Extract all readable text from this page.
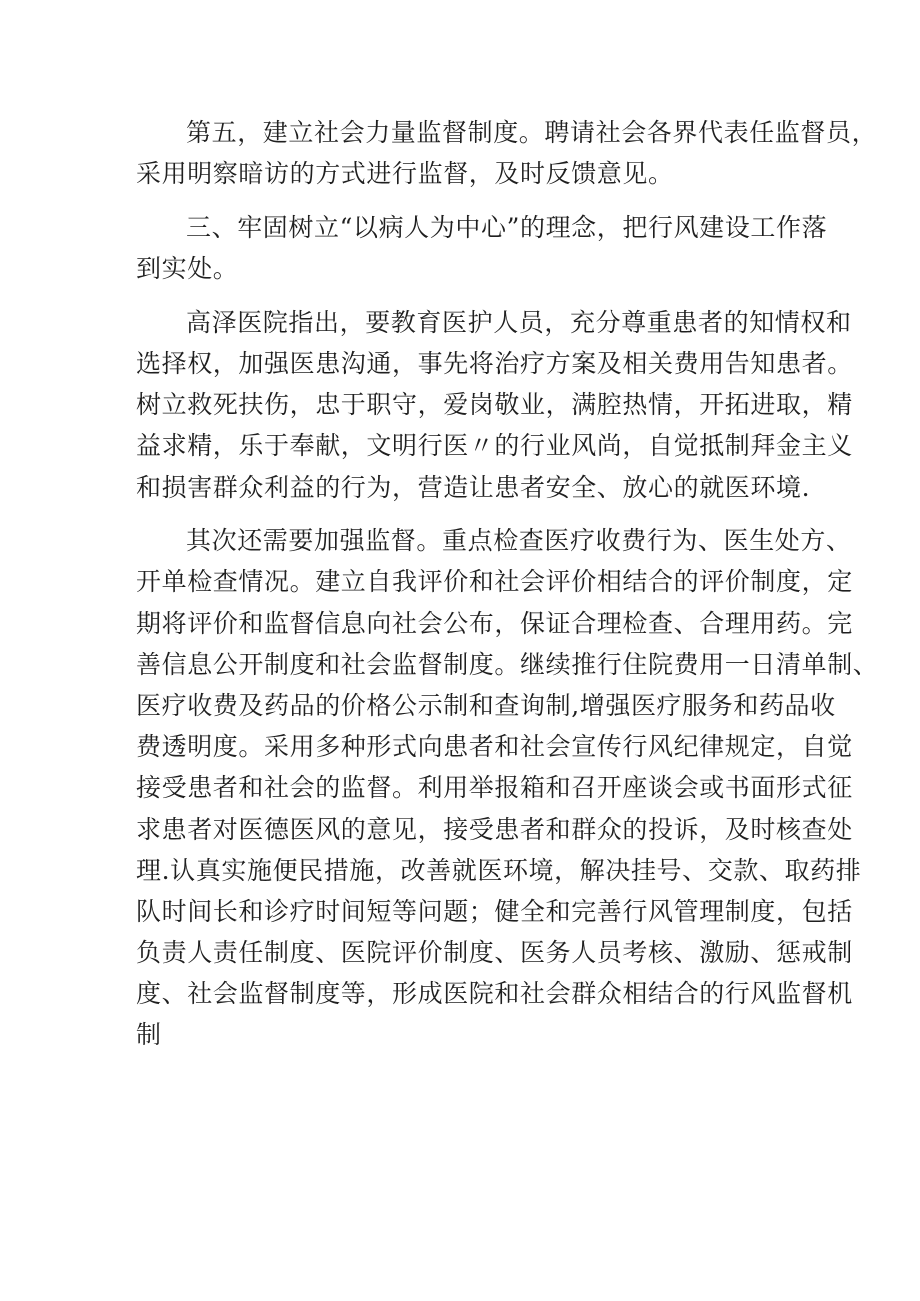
第五，建立社会力量监督制度。聘请社会各界代表任监督员，
采用明察暗访的方式进行监督，及时反馈意见。
三、牢固树立“以病人为中心”的理念，把行风建设工作落
到实处。
高泽医院指出，要教育医护人员，充分尊重患者的知情权和
选择权，加强医患沟通，事先将治疗方案及相关费用告知患者。
树立救死扶伤，忠于职守，爱岗敬业，满腔热情，开拓进取，精
益求精，乐于奉献，文明行医〃的行业风尚，自觉抵制拜金主义
和损害群众利益的行为，营造让患者安全、放心的就医环境.
其次还需要加强监督。重点检查医疗收费行为、医生处方、
开单检查情况。建立自我评价和社会评价相结合的评价制度，定
期将评价和监督信息向社会公布，保证合理检查、合理用药。完
善信息公开制度和社会监督制度。继续推行住院费用一日清单制、
医疗收费及药品的价格公示制和查询制,增强医疗服务和药品收
费透明度。采用多种形式向患者和社会宣传行风纪律规定，自觉
接受患者和社会的监督。利用举报箱和召开座谈会或书面形式征
求患者对医德医风的意见，接受患者和群众的投诉，及时核查处
理.认真实施便民措施，改善就医环境，解决挂号、交款、取药排
队时间长和诊疗时间短等问题；健全和完善行风管理制度，包括
负责人责任制度、医院评价制度、医务人员考核、激励、惩戒制
度、社会监督制度等，形成医院和社会群众相结合的行风监督机
制
